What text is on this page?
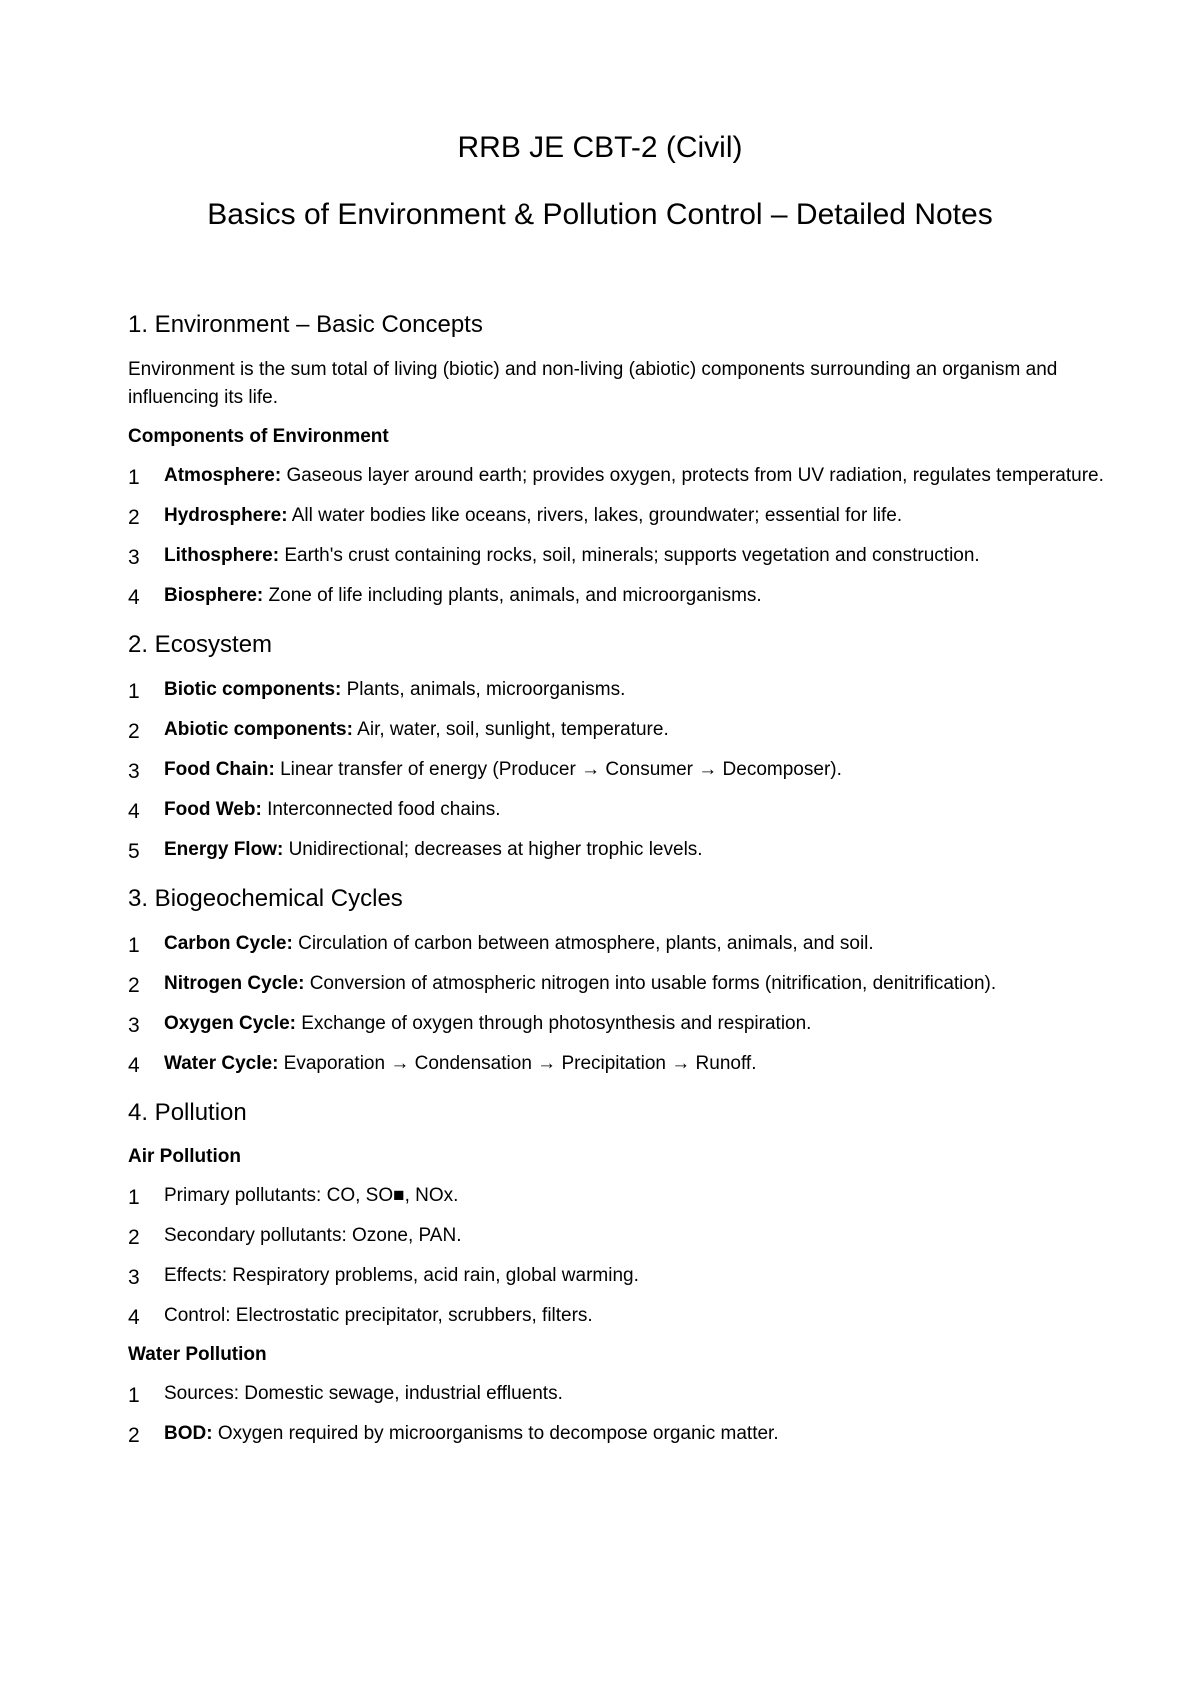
RRB JE CBT-2 (Civil)
Basics of Environment & Pollution Control – Detailed Notes
1. Environment – Basic Concepts

Environment is the sum total of living (biotic) and non-living (abiotic) components surrounding an organism and influencing its life.

Components of Environment
1 Atmosphere: Gaseous layer around earth; provides oxygen, protects from UV radiation, regulates temperature.
2 Hydrosphere: All water bodies like oceans, rivers, lakes, groundwater; essential for life.
3 Lithosphere: Earth's crust containing rocks, soil, minerals; supports vegetation and construction.
4 Biosphere: Zone of life including plants, animals, and microorganisms.
2. Ecosystem
1 Biotic components: Plants, animals, microorganisms.
2 Abiotic components: Air, water, soil, sunlight, temperature.
3 Food Chain: Linear transfer of energy (Producer → Consumer → Decomposer).
4 Food Web: Interconnected food chains.
5 Energy Flow: Unidirectional; decreases at higher trophic levels.
3. Biogeochemical Cycles
1 Carbon Cycle: Circulation of carbon between atmosphere, plants, animals, and soil.
2 Nitrogen Cycle: Conversion of atmospheric nitrogen into usable forms (nitrification, denitrification).
3 Oxygen Cycle: Exchange of oxygen through photosynthesis and respiration.
4 Water Cycle: Evaporation → Condensation → Precipitation → Runoff.
4. Pollution
Air Pollution
1 Primary pollutants: CO, SO■, NOx.
2 Secondary pollutants: Ozone, PAN.
3 Effects: Respiratory problems, acid rain, global warming.
4 Control: Electrostatic precipitator, scrubbers, filters.
Water Pollution
1 Sources: Domestic sewage, industrial effluents.
2 BOD: Oxygen required by microorganisms to decompose organic matter.
